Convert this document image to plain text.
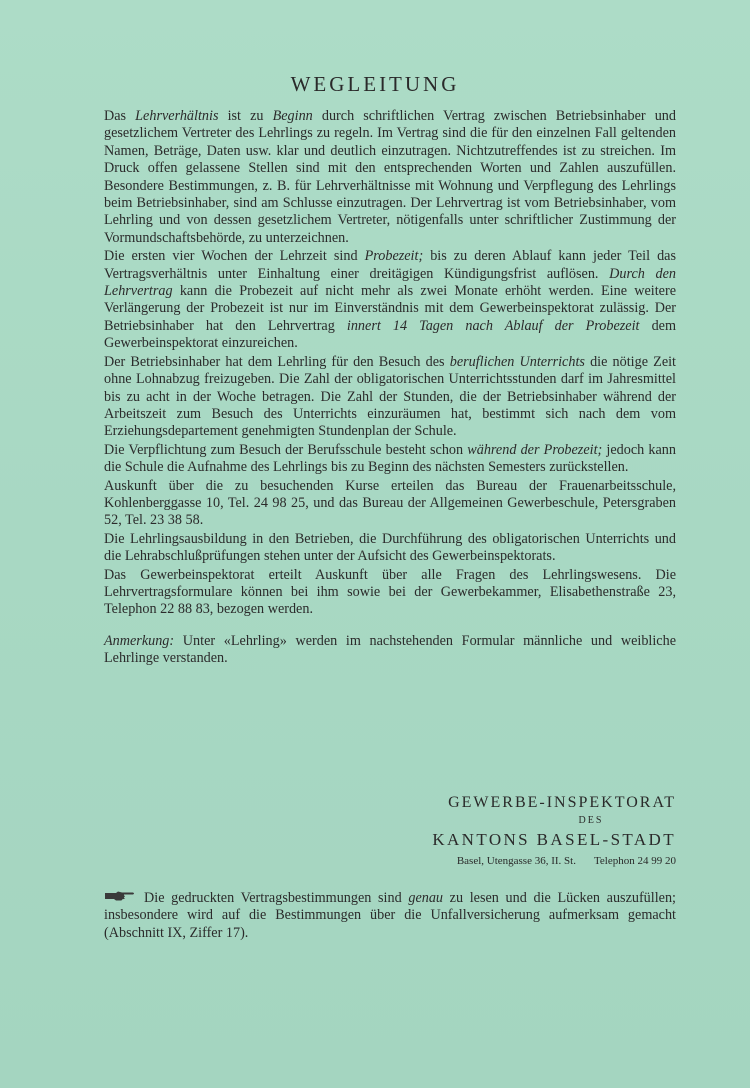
WEGLEITUNG

Das Lehrverhältnis ist zu Beginn durch schriftlichen Vertrag zwischen Betriebsinhaber und gesetzlichem Vertreter des Lehrlings zu regeln. Im Vertrag sind die für den einzelnen Fall geltenden Namen, Beträge, Daten usw. klar und deutlich einzutragen. Nichtzutreffendes ist zu streichen. Im Druck offen gelassene Stellen sind mit den entsprechenden Worten und Zahlen auszufüllen. Besondere Bestimmungen, z. B. für Lehrverhältnisse mit Wohnung und Verpflegung des Lehrlings beim Betriebsinhaber, sind am Schlusse einzutragen. Der Lehrvertrag ist vom Betriebsinhaber, vom Lehrling und von dessen gesetzlichem Vertreter, nötigenfalls unter schriftlicher Zustimmung der Vormundschaftsbehörde, zu unterzeichnen.

Die ersten vier Wochen der Lehrzeit sind Probezeit; bis zu deren Ablauf kann jeder Teil das Vertragsverhältnis unter Einhaltung einer dreitägigen Kündigungsfrist auflösen. Durch den Lehrvertrag kann die Probezeit auf nicht mehr als zwei Monate erhöht werden. Eine weitere Verlängerung der Probezeit ist nur im Einverständnis mit dem Gewerbeinspektorat zulässig. Der Betriebsinhaber hat den Lehrvertrag innert 14 Tagen nach Ablauf der Probezeit dem Gewerbeinspektorat einzureichen.

Der Betriebsinhaber hat dem Lehrling für den Besuch des beruflichen Unterrichts die nötige Zeit ohne Lohnabzug freizugeben. Die Zahl der obligatorischen Unterrichtsstunden darf im Jahresmittel bis zu acht in der Woche betragen. Die Zahl der Stunden, die der Betriebsinhaber während der Arbeitszeit zum Besuch des Unterrichts einzuräumen hat, bestimmt sich nach dem vom Erziehungsdepartement genehmigten Stundenplan der Schule.

Die Verpflichtung zum Besuch der Berufsschule besteht schon während der Probezeit; jedoch kann die Schule die Aufnahme des Lehrlings bis zu Beginn des nächsten Semesters zurückstellen.

Auskunft über die zu besuchenden Kurse erteilen das Bureau der Frauenarbeitsschule, Kohlenberggasse 10, Tel. 24 98 25, und das Bureau der Allgemeinen Gewerbeschule, Petersgraben 52, Tel. 23 38 58.

Die Lehrlingsausbildung in den Betrieben, die Durchführung des obligatorischen Unterrichts und die Lehrabschlußprüfungen stehen unter der Aufsicht des Gewerbeinspektorats.

Das Gewerbeinspektorat erteilt Auskunft über alle Fragen des Lehrlingswesens. Die Lehrvertragsformulare können bei ihm sowie bei der Gewerbekammer, Elisabethenstraße 23, Telephon 22 88 83, bezogen werden.

Anmerkung: Unter «Lehrling» werden im nachstehenden Formular männliche und weibliche Lehrlinge verstanden.

GEWERBE-INSPEKTORAT
DES
KANTONS BASEL-STADT
Basel, Utengasse 36, II. St. Telephon 24 99 20
Die gedruckten Vertragsbestimmungen sind genau zu lesen und die Lücken auszufüllen; insbesondere wird auf die Bestimmungen über die Unfallversicherung aufmerksam gemacht (Abschnitt IX, Ziffer 17).
